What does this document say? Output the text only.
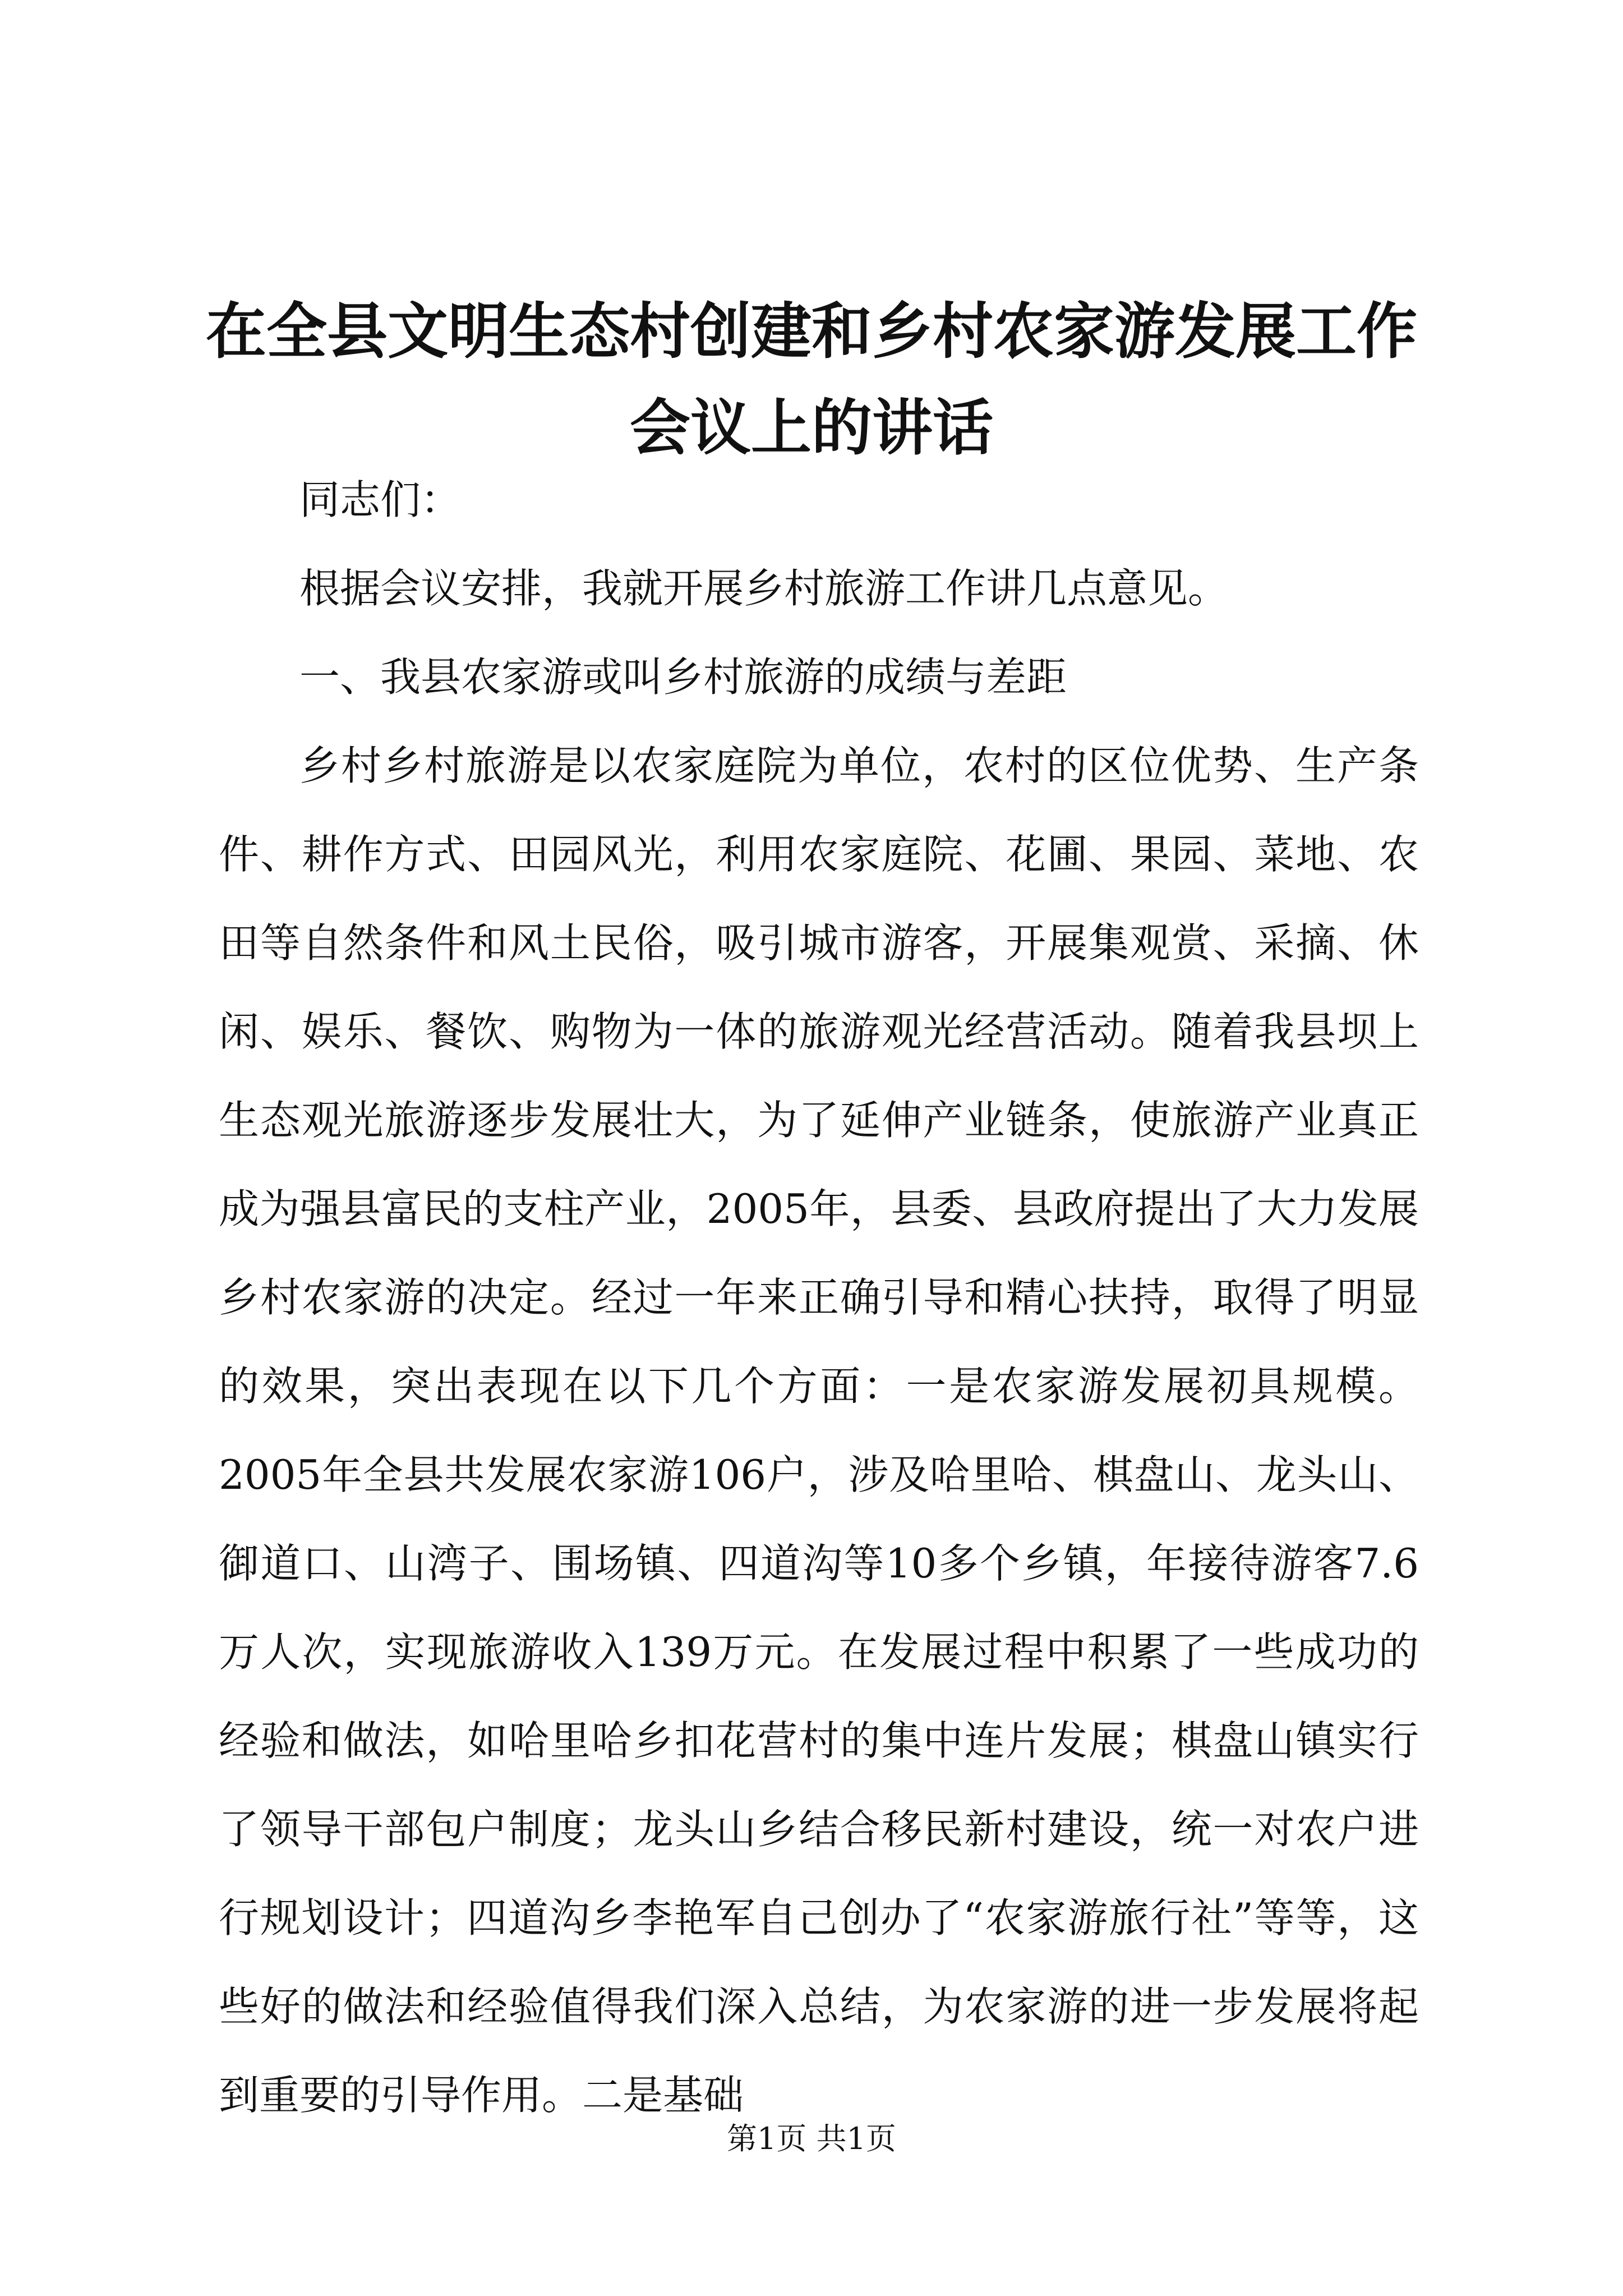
在全县文明生态村创建和乡村农家游发展工作
会议上的讲话

同志们：

根据会议安排，我就开展乡村旅游工作讲几点意见。

一、我县农家游或叫乡村旅游的成绩与差距

乡村乡村旅游是以农家庭院为单位，农村的区位优势、生产条件、耕作方式、田园风光，利用农家庭院、花圃、果园、菜地、农田等自然条件和风土民俗，吸引城市游客，开展集观赏、采摘、休闲、娱乐、餐饮、购物为一体的旅游观光经营活动。随着我县坝上生态观光旅游逐步发展壮大，为了延伸产业链条，使旅游产业真正成为强县富民的支柱产业，2005年，县委、县政府提出了大力发展乡村农家游的决定。经过一年来正确引导和精心扶持，取得了明显的效果，突出表现在以下几个方面：一是农家游发展初具规模。2005年全县共发展农家游106户，涉及哈里哈、棋盘山、龙头山、御道口、山湾子、围场镇、四道沟等10多个乡镇，年接待游客7.6万人次，实现旅游收入139万元。在发展过程中积累了一些成功的经验和做法，如哈里哈乡扣花营村的集中连片发展；棋盘山镇实行了领导干部包户制度；龙头山乡结合移民新村建设，统一对农户进行规划设计；四道沟乡李艳军自己创办了“农家游旅行社”等等，这些好的做法和经验值得我们深入总结，为农家游的进一步发展将起到重要的引导作用。二是基础

第1页 共1页
